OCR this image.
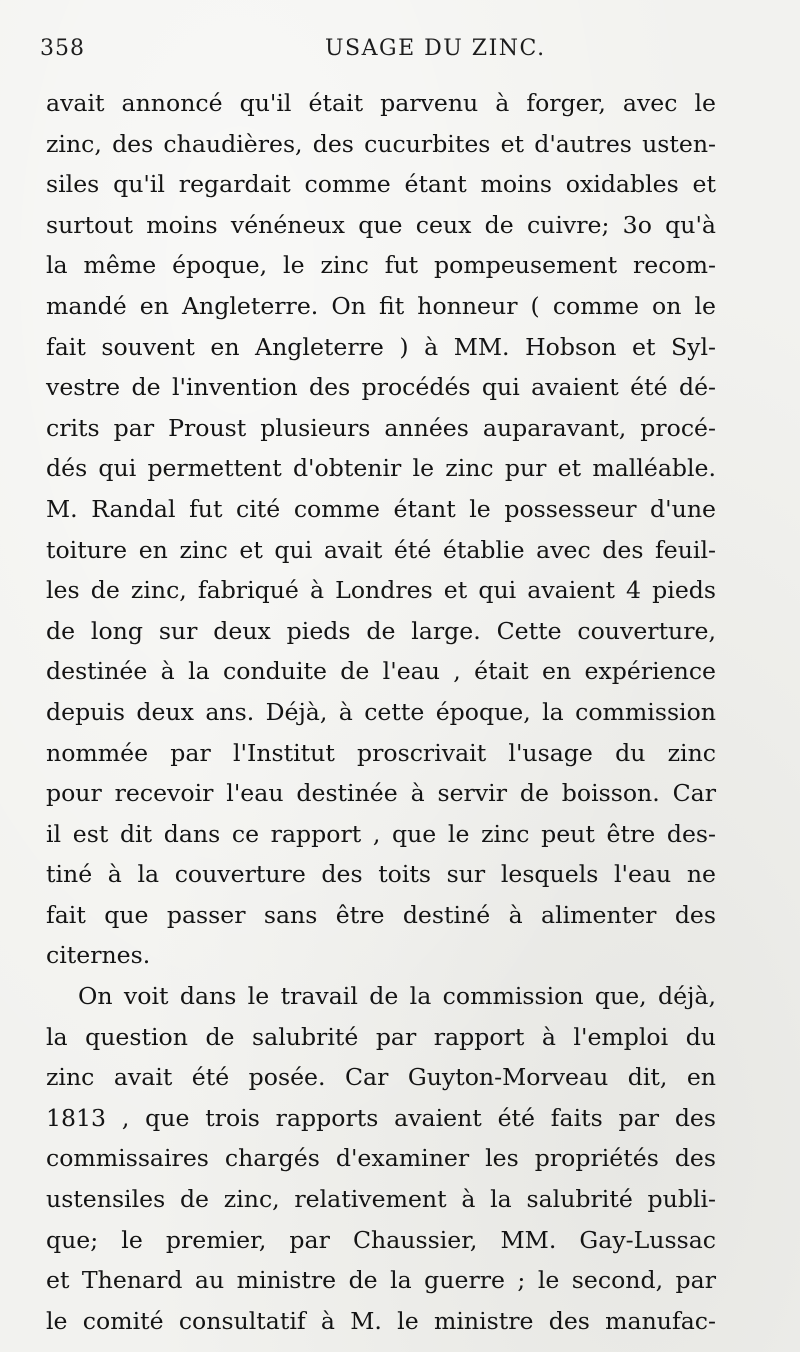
358	USAGE DU ZINC.
avait annoncé qu'il était parvenu à forger, avec le
zinc, des chaudières, des cucurbites et d'autres usten-
siles qu'il regardait comme étant moins oxidables et
surtout moins vénéneux que ceux de cuivre; 3o qu'à
la même époque, le zinc fut pompeusement recom-
mandé en Angleterre. On fit honneur ( comme on le
fait souvent en Angleterre ) à MM. Hobson et Syl-
vestre de l'invention des procédés qui avaient été dé-
crits par Proust plusieurs années auparavant, procé-
dés qui permettent d'obtenir le zinc pur et malléable.
M. Randal fut cité comme étant le possesseur d'une
toiture en zinc et qui avait été établie avec des feuil-
les de zinc, fabriqué à Londres et qui avaient 4 pieds
de long sur deux pieds de large. Cette couverture,
destinée à la conduite de l'eau , était en expérience
depuis deux ans. Déjà, à cette époque, la commission
nommée par l'Institut proscrivait l'usage du zinc
pour recevoir l'eau destinée à servir de boisson. Car
il est dit dans ce rapport , que le zinc peut être des-
tiné à la couverture des toits sur lesquels l'eau ne
fait que passer sans être destiné à alimenter des
citernes.
On voit dans le travail de la commission que, déjà,
la question de salubrité par rapport à l'emploi du
zinc avait été posée. Car Guyton-Morveau dit, en
1813 , que trois rapports avaient été faits par des
commissaires chargés d'examiner les propriétés des
ustensiles de zinc, relativement à la salubrité publi-
que; le premier, par Chaussier, MM. Gay-Lussac
et Thenard au ministre de la guerre ; le second, par
le comité consultatif à M. le ministre des manufac-
